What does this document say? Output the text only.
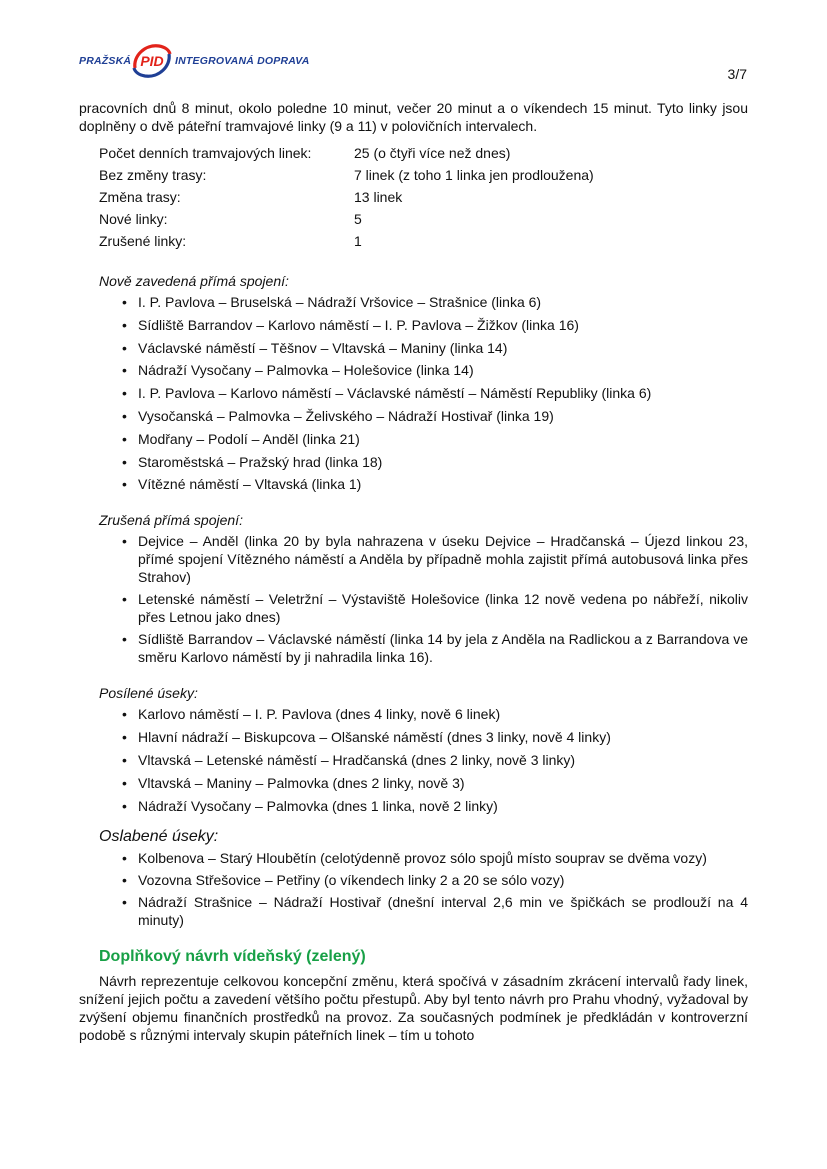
PRAŽSKÁ PID INTEGROVANÁ DOPRAVA
3/7

pracovních dnů 8 minut, okolo poledne 10 minut, večer 20 minut a o víkendech 15 minut. Tyto linky jsou doplněny o dvě páteřní tramvajové linky (9 a 11) v polovičních intervalech.

Počet denních tramvajových linek:	25 (o čtyři více než dnes)
Bez změny trasy:	7 linek (z toho 1 linka jen prodloužena)
Změna trasy:	13 linek
Nové linky:	5
Zrušené linky:	1
Nově zavedená přímá spojení:
• I. P. Pavlova – Bruselská – Nádraží Vršovice – Strašnice (linka 6)
• Sídliště Barrandov – Karlovo náměstí – I. P. Pavlova – Žižkov (linka 16)
• Václavské náměstí – Těšnov – Vltavská – Maniny (linka 14)
• Nádraží Vysočany – Palmovka – Holešovice (linka 14)
• I. P. Pavlova – Karlovo náměstí – Václavské náměstí – Náměstí Republiky (linka 6)
• Vysočanská – Palmovka – Želivského – Nádraží Hostivař (linka 19)
• Modřany – Podolí – Anděl (linka 21)
• Staroměstská – Pražský hrad (linka 18)
• Vítězné náměstí – Vltavská (linka 1)
Zrušená přímá spojení:
• Dejvice – Anděl (linka 20 by byla nahrazena v úseku Dejvice – Hradčanská – Újezd linkou 23, přímé spojení Vítězného náměstí a Anděla by případně mohla zajistit přímá autobusová linka přes Strahov)
• Letenské náměstí – Veletržní – Výstaviště Holešovice (linka 12 nově vedena po nábřeží, nikoliv přes Letnou jako dnes)
• Sídliště Barrandov – Václavské náměstí (linka 14 by jela z Anděla na Radlickou a z Barrandova ve směru Karlovo náměstí by ji nahradila linka 16).
Posílené úseky:
• Karlovo náměstí – I. P. Pavlova (dnes 4 linky, nově 6 linek)
• Hlavní nádraží – Biskupcova – Olšanské náměstí (dnes 3 linky, nově 4 linky)
• Vltavská – Letenské náměstí – Hradčanská (dnes 2 linky, nově 3 linky)
• Vltavská – Maniny – Palmovka (dnes 2 linky, nově 3)
• Nádraží Vysočany – Palmovka (dnes 1 linka, nově 2 linky)
Oslabené úseky:
• Kolbenova – Starý Hloubětín (celotýdenně provoz sólo spojů místo souprav se dvěma vozy)
• Vozovna Střešovice – Petřiny (o víkendech linky 2 a 20 se sólo vozy)
• Nádraží Strašnice – Nádraží Hostivař (dnešní interval 2,6 min ve špičkách se prodlouží na 4 minuty)
Doplňkový návrh vídeňský (zelený)

Návrh reprezentuje celkovou koncepční změnu, která spočívá v zásadním zkrácení intervalů řady linek, snížení jejich počtu a zavedení většího počtu přestupů. Aby byl tento návrh pro Prahu vhodný, vyžadoval by zvýšení objemu finančních prostředků na provoz. Za současných podmínek je předkládán v kontroverzní podobě s různými intervaly skupin páteřních linek – tím u tohoto
